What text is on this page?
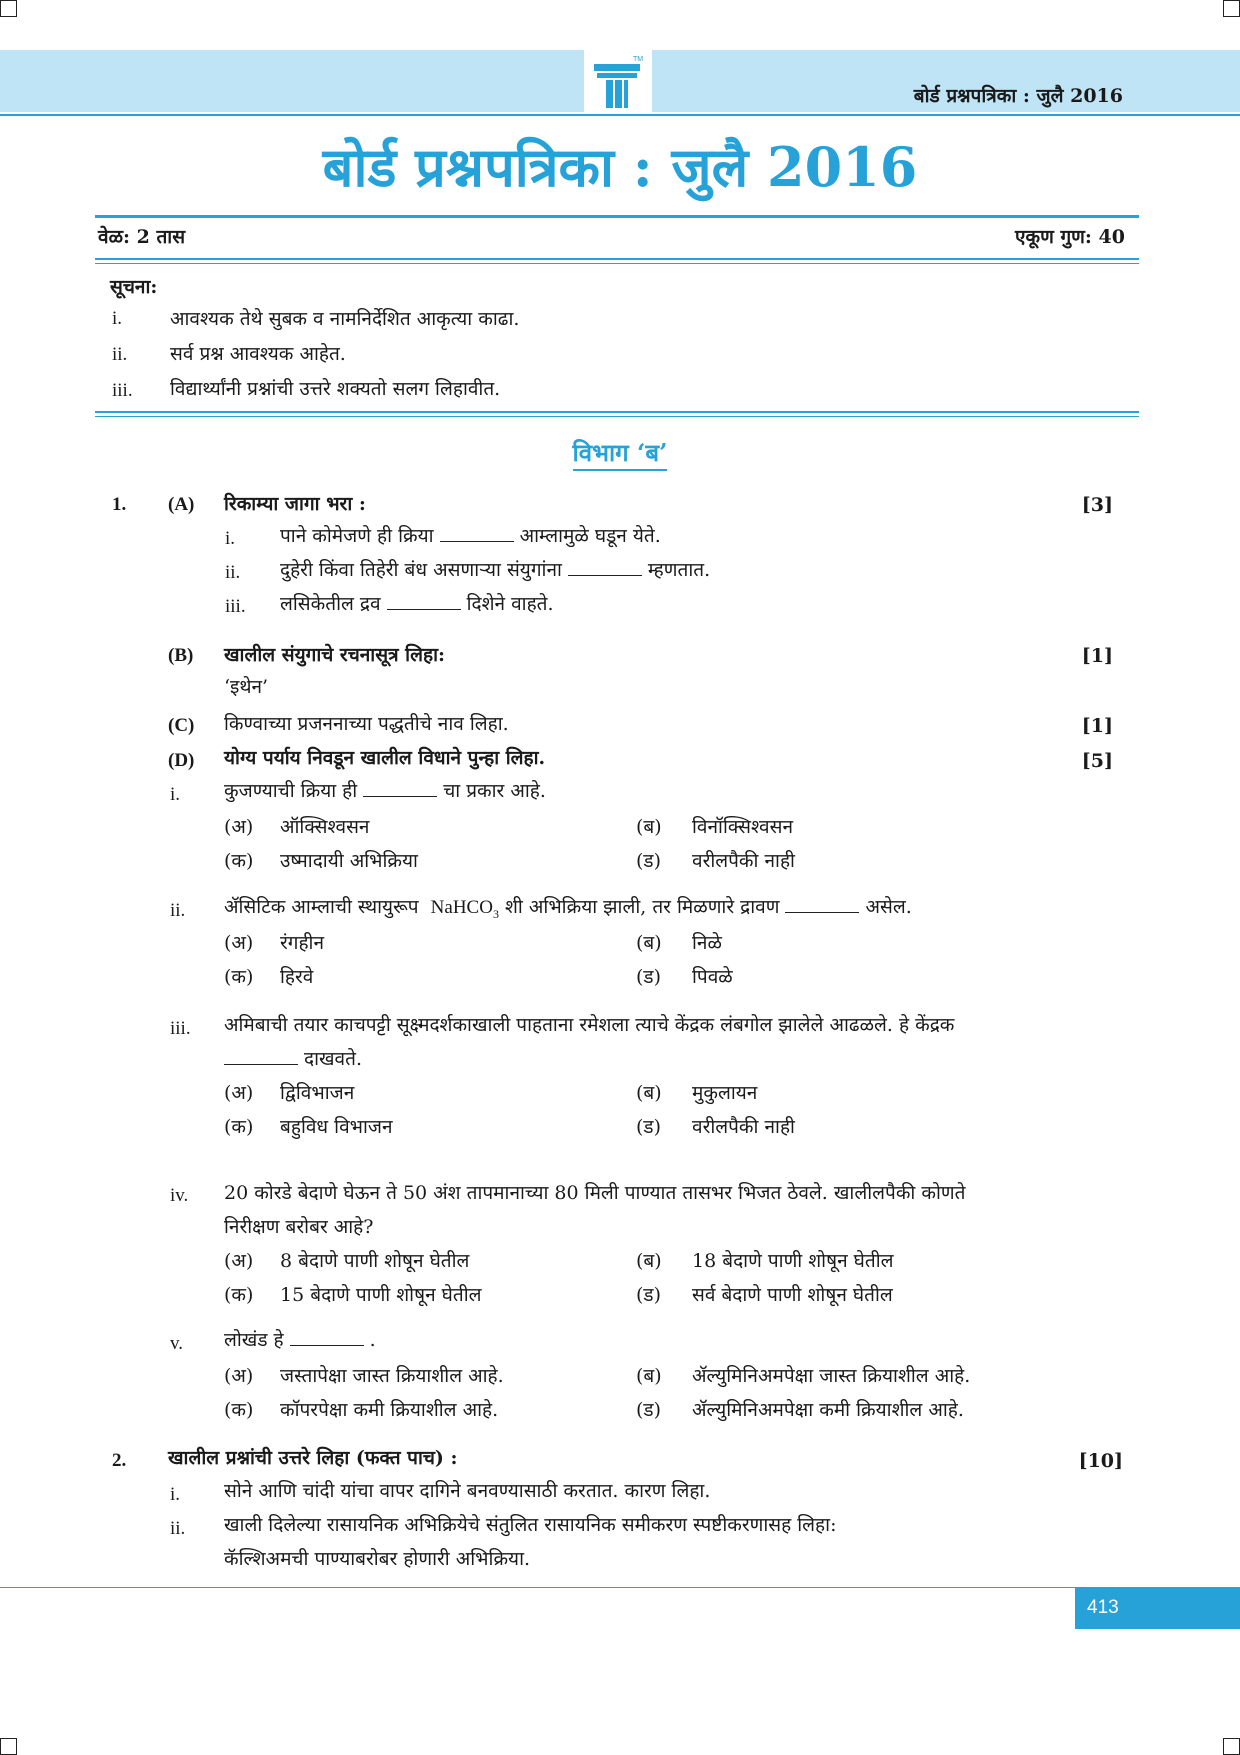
TM
बोर्ड प्रश्नपत्रिका : जुलै 2016
बोर्ड प्रश्नपत्रिका : जुलै 2016
वेळ: 2 तास	एकूण गुण: 40
सूचना:
i.	आवश्यक तेथे सुबक व नामनिर्देशित आकृत्या काढा.
ii. सर्व प्रश्न आवश्यक आहेत.
iii. विद्यार्थ्यांनी प्रश्नांची उत्तरे शक्यतो सलग लिहावीत.
विभाग ‘ब’
1. (A) रिकाम्या जागा भरा :	[3]
i. पाने कोमेजणे ही क्रिया	आम्लामुळे घडून येते.
ii. दुहेरी किंवा तिहेरी बंध असणाऱ्या संयुगांना	म्हणतात.
iii. लसिकेतील द्रव	दिशेने वाहते.
(B) खालील संयुगाचे रचनासूत्र लिहा:	[1]
‘इथेन’
(C) किण्वाच्या प्रजननाच्या पद्धतीचे नाव लिहा.	[1]
(D) योग्य पर्याय निवडून खालील विधाने पुन्हा लिहा.	[5]
i. कुजण्याची क्रिया ही	चा प्रकार आहे.
(अ) ऑक्सिश्वसन	(ब) विनॉक्सिश्वसन
(क) उष्मादायी अभिक्रिया	(ड) वरीलपैकी नाही
ii. ॲसिटिक आम्लाची स्थायुरूप NaHCO$_3$ शी अभिक्रिया झाली, तर मिळणारे द्रावण	असेल.
(अ) रंगहीन	(ब) निळे
(क) हिरवे	(ड) पिवळे
iii. अमिबाची तयार काचपट्टी सूक्ष्मदर्शकाखाली पाहताना रमेशला त्याचे केंद्रक लंबगोल झालेले आढळले. हे केंद्रक
दाखवते.
(अ) द्विविभाजन	(ब) मुकुलायन
(क) बहुविध विभाजन	(ड) वरीलपैकी नाही
iv. 20 कोरडे बेदाणे घेऊन ते 50 अंश तापमानाच्या 80 मिली पाण्यात तासभर भिजत ठेवले. खालीलपैकी कोणते
निरीक्षण बरोबर आहे?
(अ) 8 बेदाणे पाणी शोषून घेतील	(ब) 18 बेदाणे पाणी शोषून घेतील
(क) 15 बेदाणे पाणी शोषून घेतील	(ड) सर्व बेदाणे पाणी शोषून घेतील
v. लोखंड हे	.
(अ) जस्तापेक्षा जास्त क्रियाशील आहे.	(ब) ॲल्युमिनिअमपेक्षा जास्त क्रियाशील आहे.
(क) कॉपरपेक्षा कमी क्रियाशील आहे.	(ड) ॲल्युमिनिअमपेक्षा कमी क्रियाशील आहे.
2. खालील प्रश्नांची उत्तरे लिहा (फक्त पाच) :	[10]
i. सोने आणि चांदी यांचा वापर दागिने बनवण्यासाठी करतात. कारण लिहा.
ii. खाली दिलेल्या रासायनिक अभिक्रियेचे संतुलित रासायनिक समीकरण स्पष्टीकरणासह लिहा:
कॅल्शिअमची पाण्याबरोबर होणारी अभिक्रिया.
413
